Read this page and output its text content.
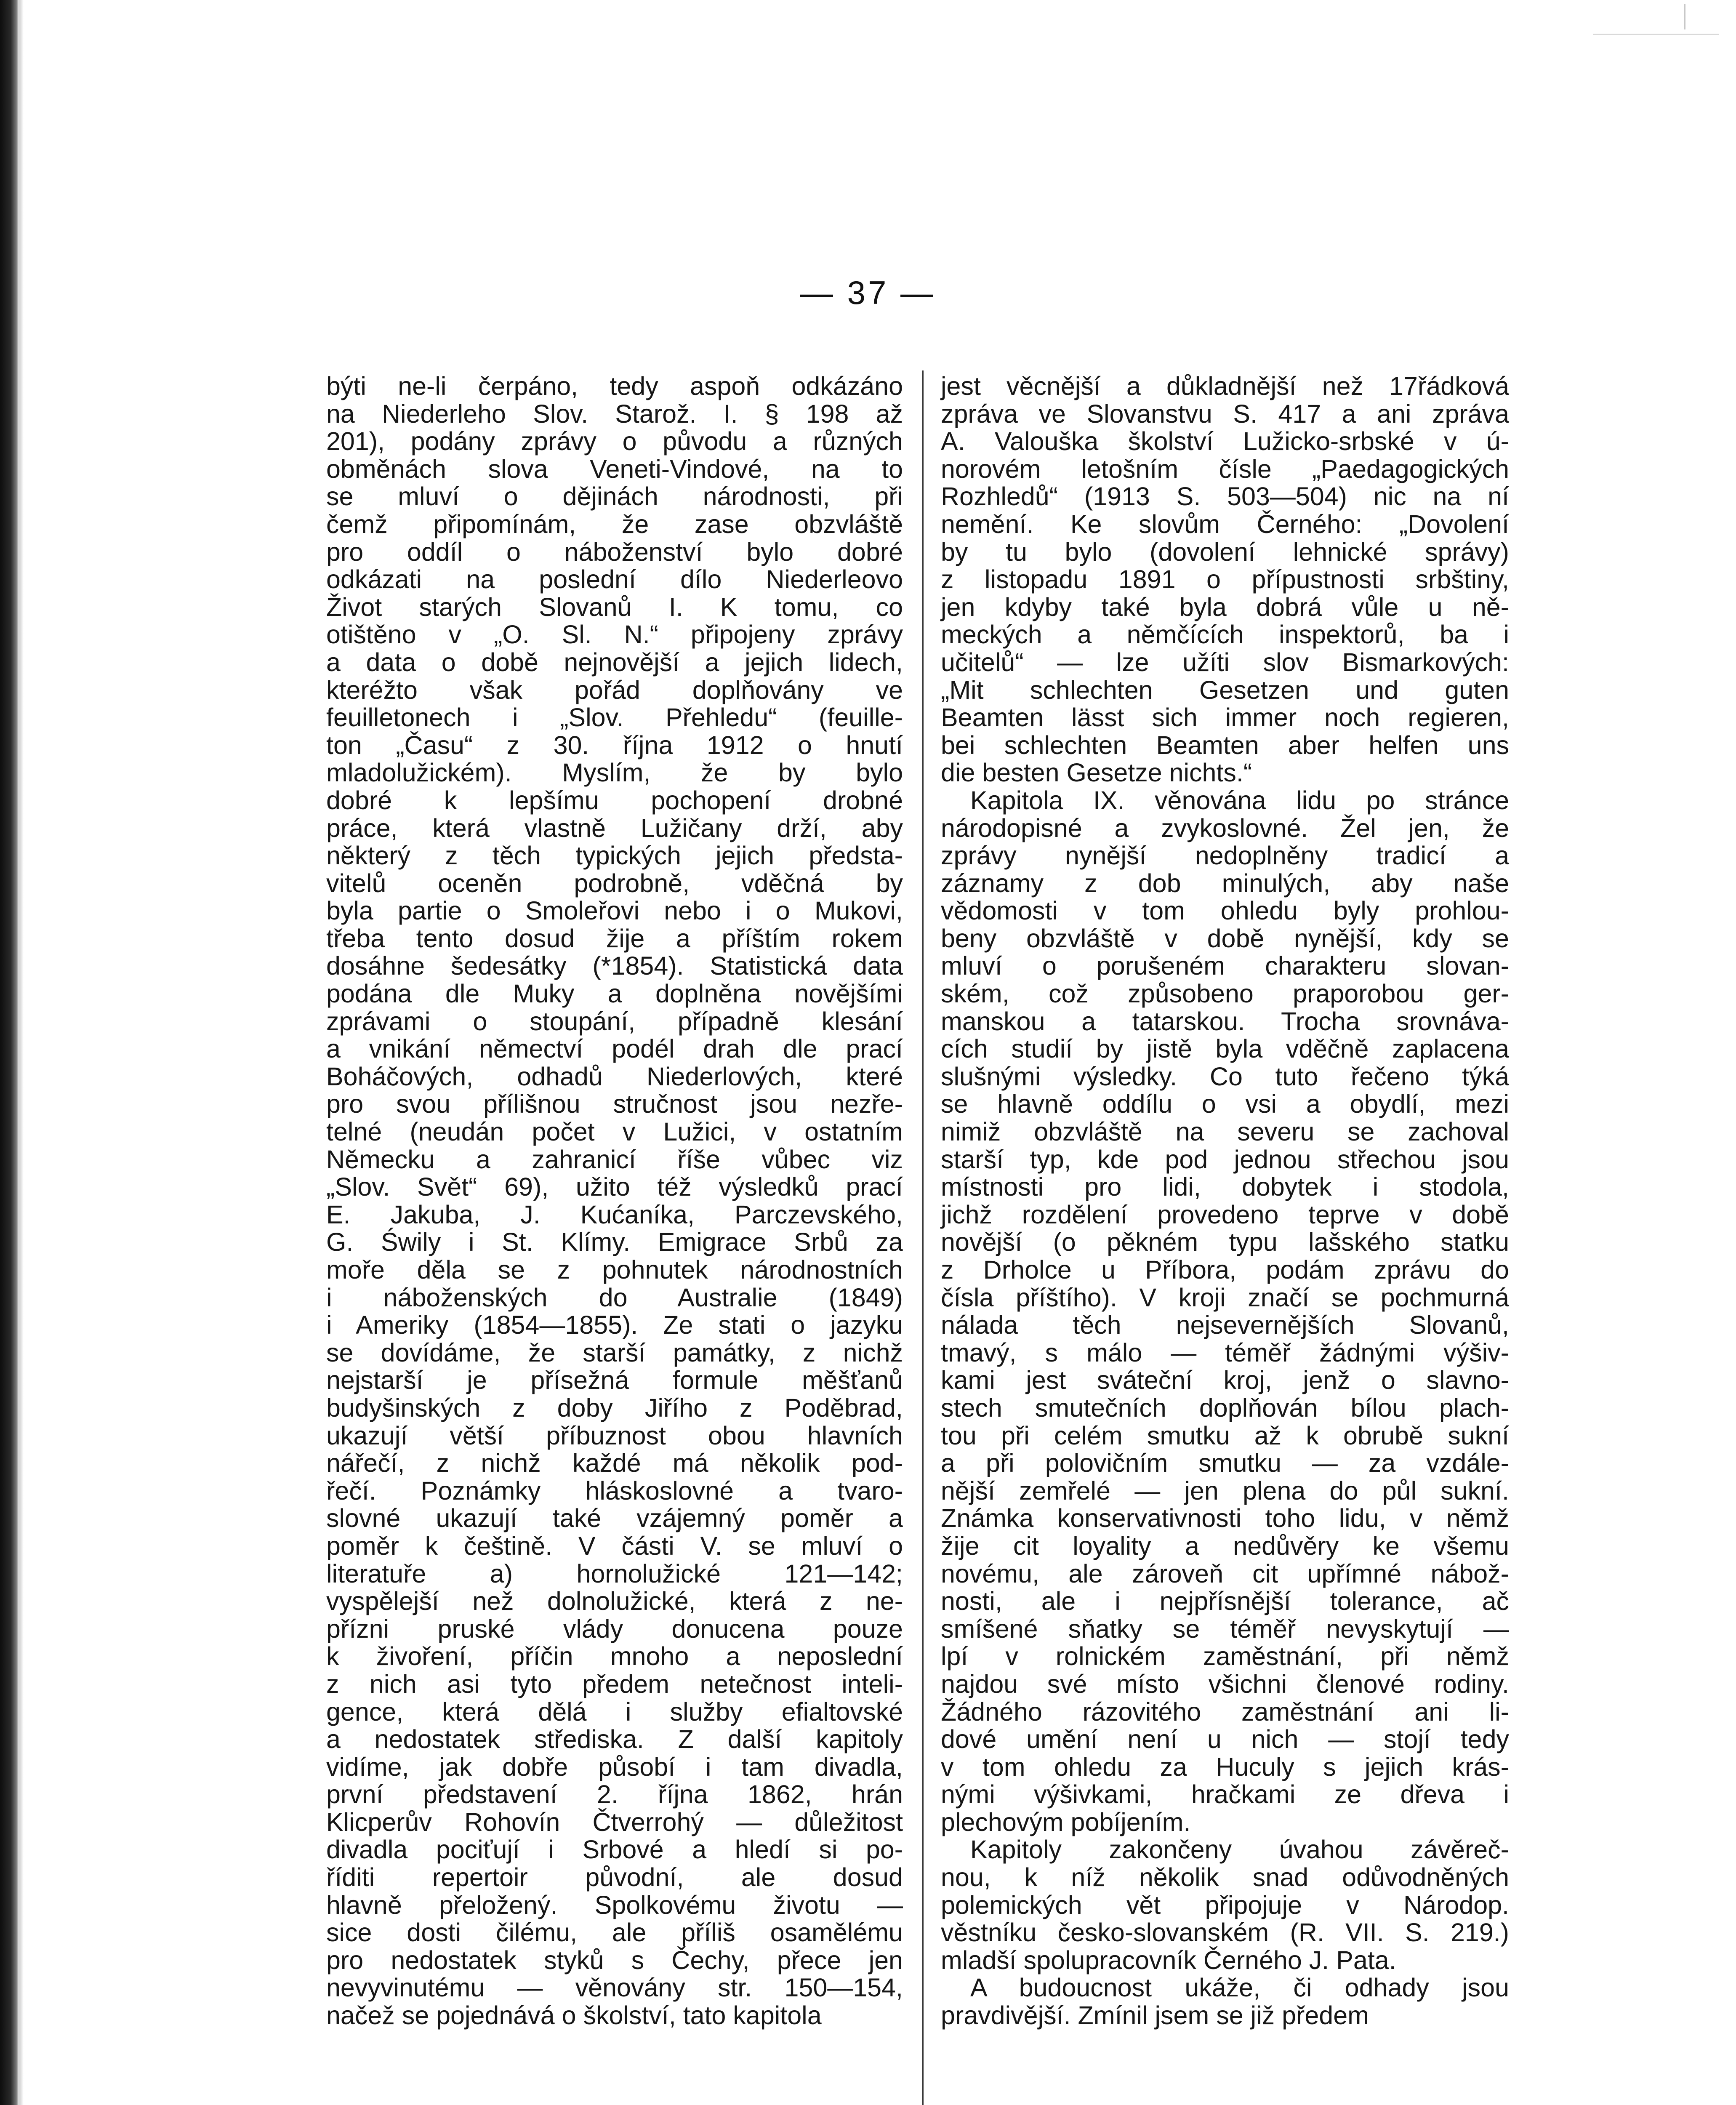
— 37 —
býti ne-li čerpáno, tedy aspoň odkázáno
na Niederleho Slov. Starož. I. § 198 až
201), podány zprávy o původu a různých
obměnách slova Veneti-Vindové, na to
se mluví o dějinách národnosti, při
čemž připomínám, že zase obzvláště
pro oddíl o náboženství bylo dobré
odkázati na poslední dílo Niederleovo
Život starých Slovanů I. K tomu, co
otištěno v „O. Sl. N.“ připojeny zprávy
a data o době nejnovější a jejich lidech,
kteréžto však pořád doplňovány ve
feuilletonech i „Slov. Přehledu“ (feuille-
ton „Času“ z 30. října 1912 o hnutí
mladolužickém). Myslím, že by bylo
dobré k lepšímu pochopení drobné
práce, která vlastně Lužičany drží, aby
některý z těch typických jejich předsta-
vitelů oceněn podrobně, vděčná by
byla partie o Smoleřovi nebo i o Mukovi,
třeba tento dosud žije a příštím rokem
dosáhne šedesátky (*1854). Statistická data
podána dle Muky a doplněna novějšími
zprávami o stoupání, případně klesání
a vnikání němectví podél drah dle prací
Boháčových, odhadů Niederlových, které
pro svou přílišnou stručnost jsou nezře-
telné (neudán počet v Lužici, v ostatním
Německu a zahranicí říše vůbec viz
„Slov. Svět“ 69), užito též výsledků prací
E. Jakuba, J. Kućaníka, Parczevského,
G. Świly i St. Klímy. Emigrace Srbů za
moře děla se z pohnutek národnostních
i náboženských do Australie (1849)
i Ameriky (1854—1855). Ze stati o jazyku
se dovídáme, že starší památky, z nichž
nejstarší je přísežná formule měšťanů
budyšinských z doby Jiřího z Poděbrad,
ukazují větší příbuznost obou hlavních
nářečí, z nichž každé má několik pod-
řečí. Poznámky hláskoslovné a tvaro-
slovné ukazují také vzájemný poměr a
poměr k češtině. V části V. se mluví o
literatuře a) hornolužické 121—142;
vyspělejší než dolnolužické, která z ne-
přízni pruské vlády donucena pouze
k živoření, příčin mnoho a neposlední
z nich asi tyto předem netečnost inteli-
gence, která dělá i služby efialtovské
a nedostatek střediska. Z další kapitoly
vidíme, jak dobře působí i tam divadla,
první představení 2. října 1862, hrán
Klicperův Rohovín Čtverrohý — důležitost
divadla pociťují i Srbové a hledí si po-
říditi repertoir původní, ale dosud
hlavně přeložený. Spolkovému životu —
sice dosti čilému, ale příliš osamělému
pro nedostatek styků s Čechy, přece jen
nevyvinutému — věnovány str. 150—154,
načež se pojednává o školství, tato kapitola
jest věcnější a důkladnější než 17řádková
zpráva ve Slovanstvu S. 417 a ani zpráva
A. Valouška školství Lužicko-srbské v ú-
norovém letošním čísle „Paedagogických
Rozhledů“ (1913 S. 503—504) nic na ní
nemění. Ke slovům Černého: „Dovolení
by tu bylo (dovolení lehnické správy)
z listopadu 1891 o přípustnosti srbštiny,
jen kdyby také byla dobrá vůle u ně-
meckých a němčících inspektorů, ba i
učitelů“ — lze užíti slov Bismarkových:
„Mit schlechten Gesetzen und guten
Beamten lässt sich immer noch regieren,
bei schlechten Beamten aber helfen uns
die besten Gesetze nichts.“
Kapitola IX. věnována lidu po stránce
národopisné a zvykoslovné. Žel jen, že
zprávy nynější nedoplněny tradicí a
záznamy z dob minulých, aby naše
vědomosti v tom ohledu byly prohlou-
beny obzvláště v době nynější, kdy se
mluví o porušeném charakteru slovan-
ském, což způsobeno praporobou ger-
manskou a tatarskou. Trocha srovnáva-
cích studií by jistě byla vděčně zaplacena
slušnými výsledky. Co tuto řečeno týká
se hlavně oddílu o vsi a obydlí, mezi
nimiž obzvláště na severu se zachoval
starší typ, kde pod jednou střechou jsou
místnosti pro lidi, dobytek i stodola,
jichž rozdělení provedeno teprve v době
novější (o pěkném typu lašského statku
z Drholce u Příbora, podám zprávu do
čísla příštího). V kroji značí se pochmurná
nálada těch nejsevernějších Slovanů,
tmavý, s málo — téměř žádnými výšiv-
kami jest sváteční kroj, jenž o slavno-
stech smutečních doplňován bílou plach-
tou při celém smutku až k obrubě sukní
a při polovičním smutku — za vzdále-
nější zemřelé — jen plena do půl sukní.
Známka konservativnosti toho lidu, v němž
žije cit loyality a nedůvěry ke všemu
novému, ale zároveň cit upřímné nábož-
nosti, ale i nejpřísnější tolerance, ač
smíšené sňatky se téměř nevyskytují —
lpí v rolnickém zaměstnání, při němž
najdou své místo všichni členové rodiny.
Žádného rázovitého zaměstnání ani li-
dové umění není u nich — stojí tedy
v tom ohledu za Huculy s jejich krás-
nými výšivkami, hračkami ze dřeva i
plechovým pobíjením.
Kapitoly zakončeny úvahou závěreč-
nou, k níž několik snad odůvodněných
polemických vět připojuje v Národop.
věstníku česko-slovanském (R. VII. S. 219.)
mladší spolupracovník Černého J. Pata.
A budoucnost ukáže, či odhady jsou
pravdivější. Zmínil jsem se již předem
